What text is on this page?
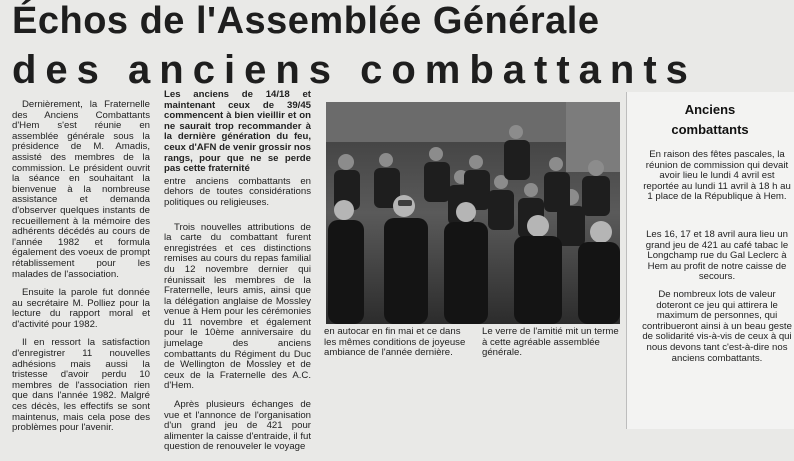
Échos de l'Assemblée Générale
des anciens combattants

Dernièrement, la Fraternelle des Anciens Combattants d'Hem s'est réunie en assemblée générale sous la présidence de M. Amadis, assisté des membres de la commission. Le président ouvrit la séance en souhaitant la bienvenue à la nombreuse assistance et demanda d'observer quelques instants de recueillement à la mémoire des adhérents décédés au cours de l'année 1982 et formula également des voeux de prompt rétablissement pour les malades de l'association.

Ensuite la parole fut donnée au secrétaire M. Polliez pour la lecture du rapport moral et d'activité pour 1982.

Il en ressort la satisfaction d'enregistrer 11 nouvelles adhésions mais aussi la tristesse d'avoir perdu 10 membres de l'association rien que dans l'année 1982. Malgré ces décès, les effectifs se sont maintenus, mais cela pose des problèmes pour l'avenir.

Les anciens de 14/18 et maintenant ceux de 39/45 commencent à bien vieillir et on ne saurait trop recommander à la dernière génération du feu, ceux d'AFN de venir grossir nos rangs, pour que ne se perde pas cette fraternité

entre anciens combattants en dehors de toutes considérations politiques ou religieuses.

Trois nouvelles attributions de la carte du combattant furent enregistrées et ces distinctions remises au cours du repas familial du 12 novembre dernier qui réunissait les membres de la Fraternelle, leurs amis, ainsi que la délégation anglaise de Mossley venue à Hem pour les cérémonies du 11 novembre et également pour le 10ème anniversaire du jumelage des anciens combattants du Régiment du Duc de Wellington de Mossley et de ceux de la Fraternelle des A.C. d'Hem.

Après plusieurs échanges de vue et l'annonce de l'organisation d'un grand jeu de 421 pour alimenter la caisse d'entraide, il fut question de renouveler le voyage

en autocar en fin mai et ce dans les mêmes conditions de joyeuse ambiance de l'année dernière.
Le verre de l'amitié mit un terme à cette agréable assemblée générale.
Anciens combattants
En raison des fêtes pascales, la réunion de commission qui devait avoir lieu le lundi 4 avril est reportée au lundi 11 avril à 18 h au 1 place de la République à Hem.
Les 16, 17 et 18 avril aura lieu un grand jeu de 421 au café tabac le Longchamp rue du Gal Leclerc à Hem au profit de notre caisse de secours.
De nombreux lots de valeur doteront ce jeu qui attirera le maximum de personnes, qui contribueront ainsi à un beau geste de solidarité vis-à-vis de ceux à qui nous devons tant c'est-à-dire nos anciens combattants.
